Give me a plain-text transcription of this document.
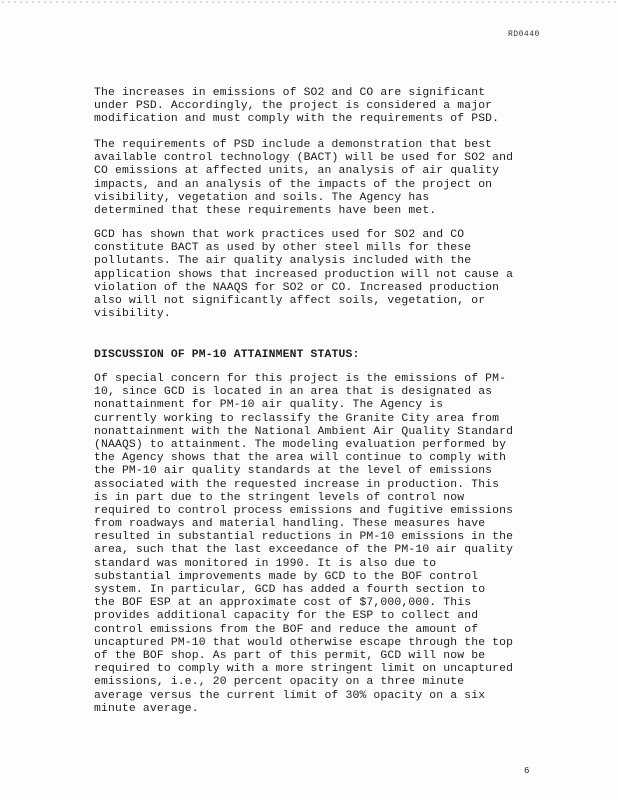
RD0440
The increases in emissions of SO2 and CO are significant
under PSD. Accordingly, the project is considered a major
modification and must comply with the requirements of PSD.
The requirements of PSD include a demonstration that best
available control technology (BACT) will be used for SO2 and
CO emissions at affected units, an analysis of air quality
impacts, and an analysis of the impacts of the project on
visibility, vegetation and soils. The Agency has
determined that these requirements have been met.
GCD has shown that work practices used for SO2 and CO
constitute BACT as used by other steel mills for these
pollutants. The air quality analysis included with the
application shows that increased production will not cause a
violation of the NAAQS for SO2 or CO. Increased production
also will not significantly affect soils, vegetation, or
visibility.
DISCUSSION OF PM-10 ATTAINMENT STATUS:
Of special concern for this project is the emissions of PM-
10, since GCD is located in an area that is designated as
nonattainment for PM-10 air quality. The Agency is
currently working to reclassify the Granite City area from
nonattainment with the National Ambient Air Quality Standard
(NAAQS) to attainment. The modeling evaluation performed by
the Agency shows that the area will continue to comply with
the PM-10 air quality standards at the level of emissions
associated with the requested increase in production. This
is in part due to the stringent levels of control now
required to control process emissions and fugitive emissions
from roadways and material handling. These measures have
resulted in substantial reductions in PM-10 emissions in the
area, such that the last exceedance of the PM-10 air quality
standard was monitored in 1990. It is also due to
substantial improvements made by GCD to the BOF control
system. In particular, GCD has added a fourth section to
the BOF ESP at an approximate cost of $7,000,000. This
provides additional capacity for the ESP to collect and
control emissions from the BOF and reduce the amount of
uncaptured PM-10 that would otherwise escape through the top
of the BOF shop. As part of this permit, GCD will now be
required to comply with a more stringent limit on uncaptured
emissions, i.e., 20 percent opacity on a three minute
average versus the current limit of 30% opacity on a six
minute average.
6
